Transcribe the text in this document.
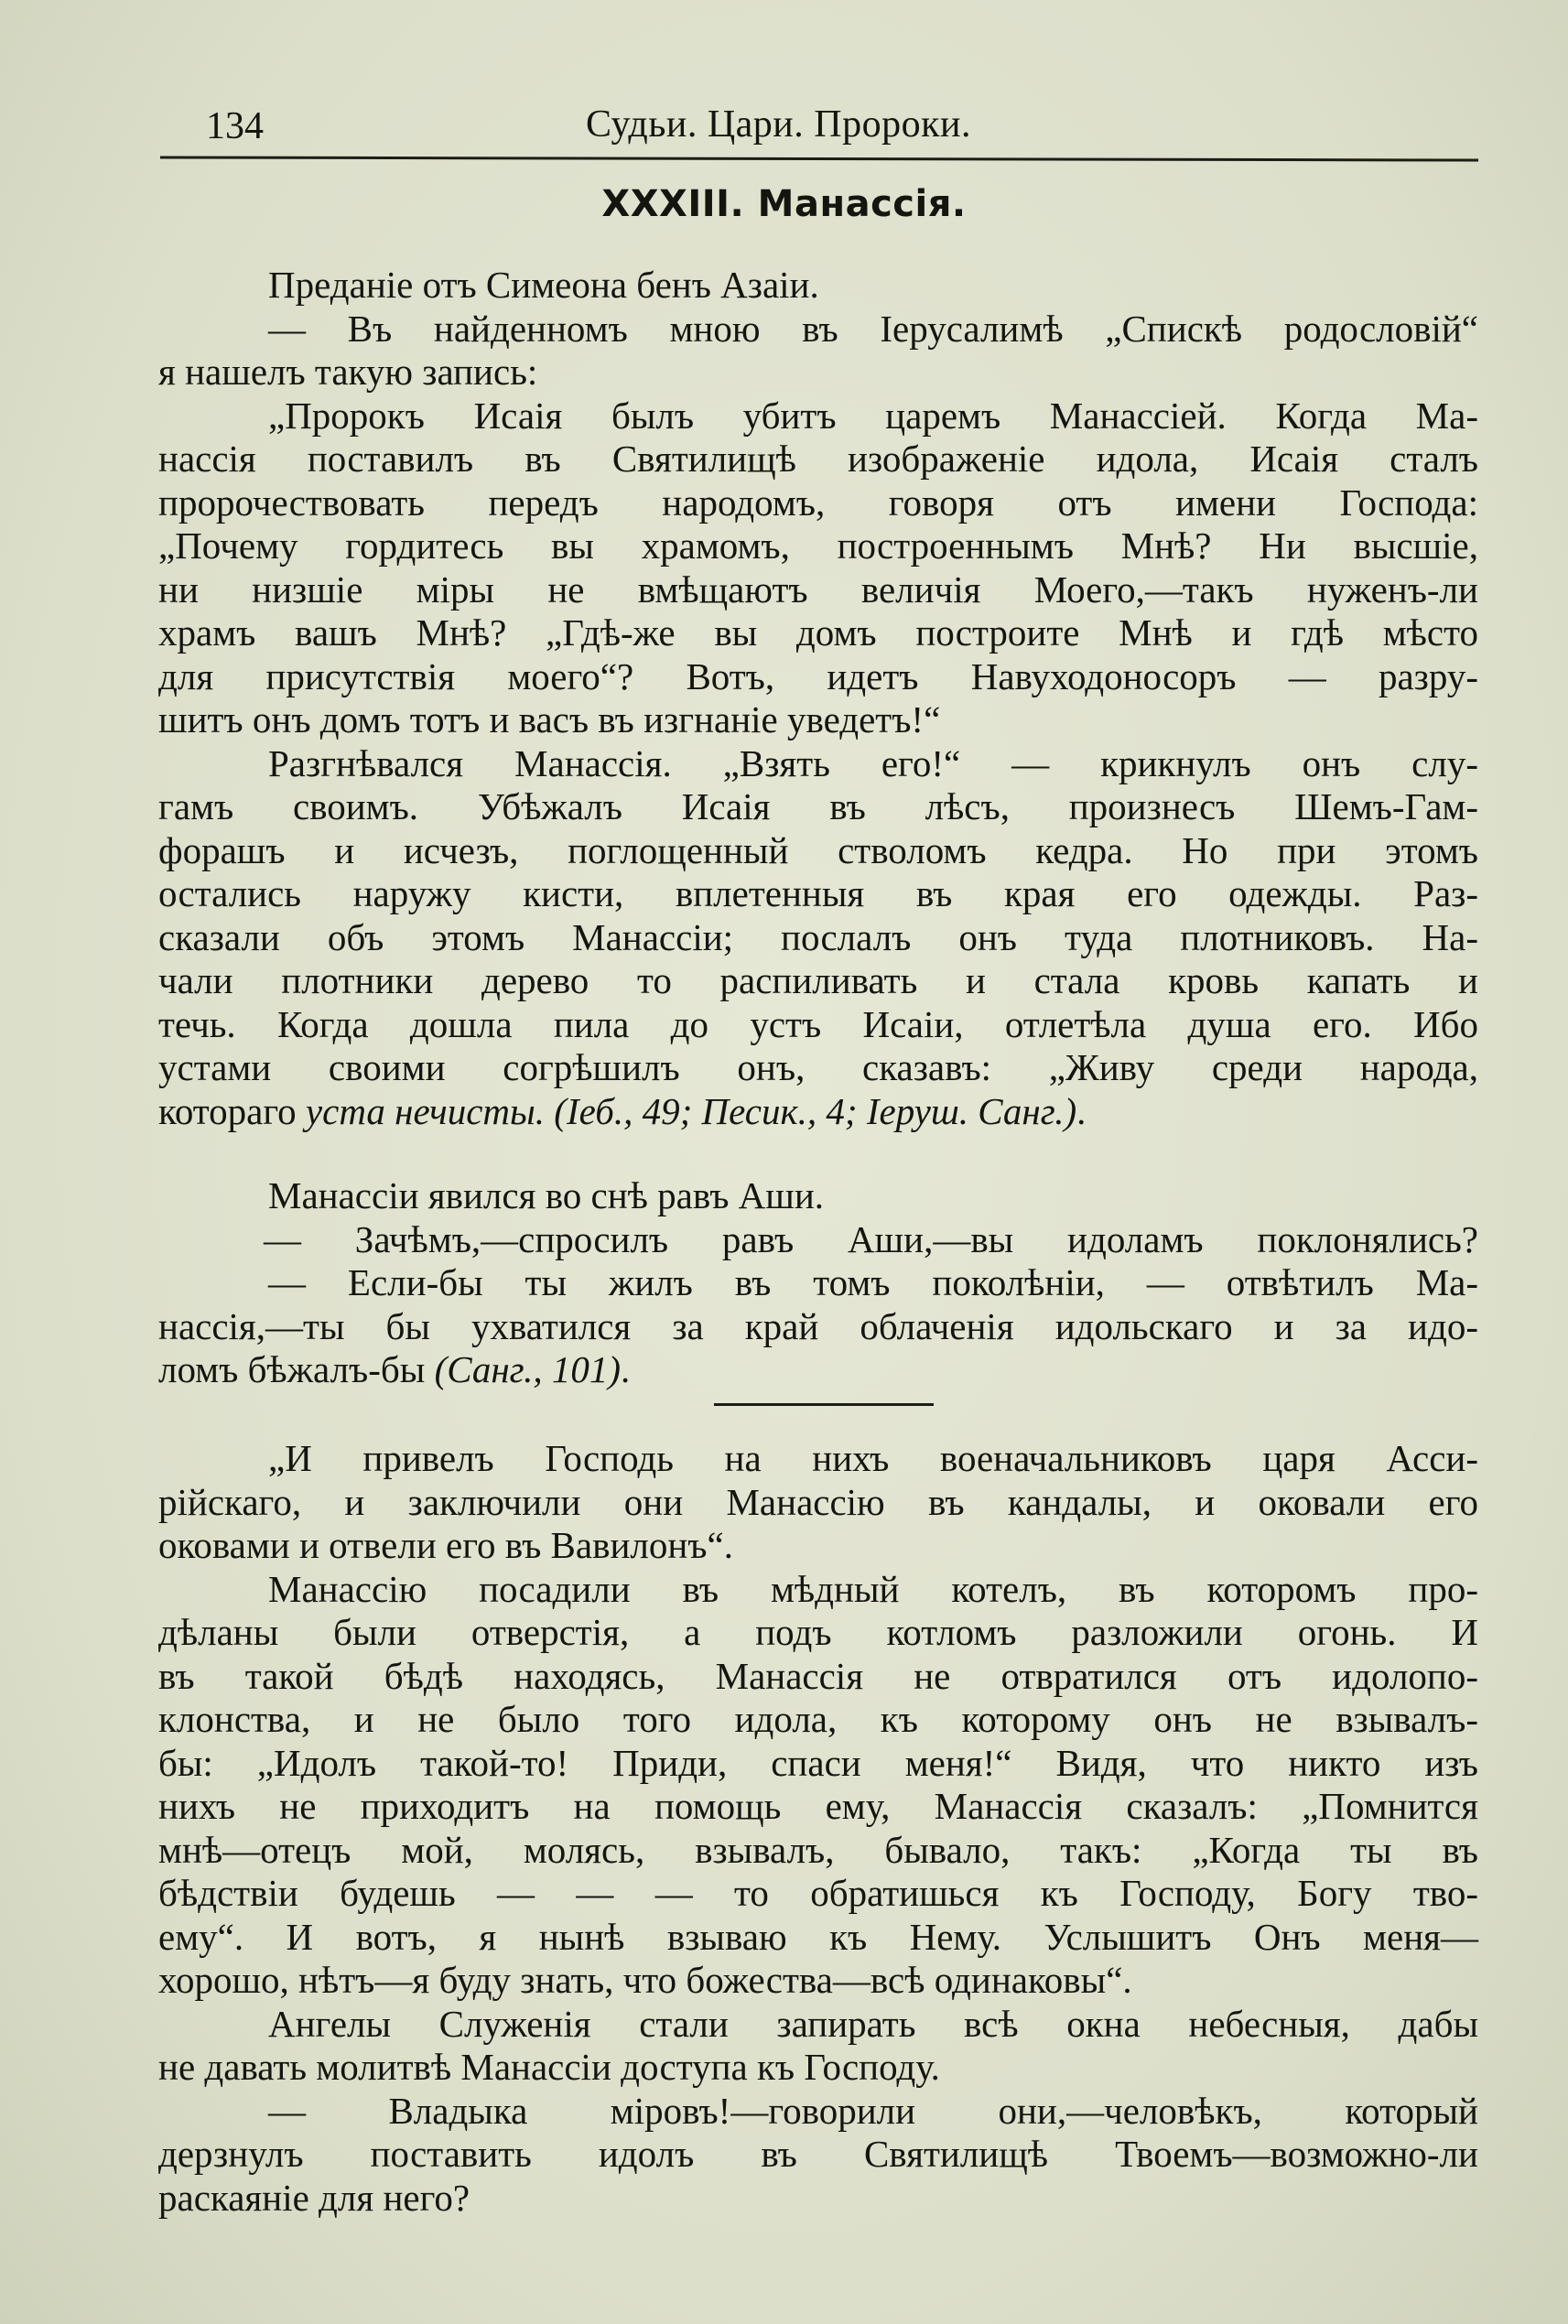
134	Судьи. Цари. Пророки.
XXXIII. Манассія.
Преданіе отъ Симеона бенъ Азаіи.
— Въ найденномъ мною въ Іерусалимѣ „Спискѣ родословій“
я нашелъ такую запись:
„Пророкъ Исаія былъ убитъ царемъ Манассіей. Когда Ма-
нассія поставилъ въ Святилищѣ изображеніе идола, Исаія сталъ
пророчествовать передъ народомъ, говоря отъ имени Господа:
„Почему гордитесь вы храмомъ, построеннымъ Мнѣ? Ни высшіе,
ни низшіе міры не вмѣщаютъ величія Моего,—такъ нуженъ-ли
храмъ вашъ Мнѣ? „Гдѣ-же вы домъ построите Мнѣ и гдѣ мѣсто
для присутствія моего“? Вотъ, идетъ Навуходоносоръ — разру-
шитъ онъ домъ тотъ и васъ въ изгнаніе уведетъ!“
Разгнѣвался Манассія. „Взять его!“ — крикнулъ онъ слу-
гамъ своимъ. Убѣжалъ Исаія въ лѣсъ, произнесъ Шемъ-Гам-
форашъ и исчезъ, поглощенный стволомъ кедра. Но при этомъ
остались наружу кисти, вплетенныя въ края его одежды. Раз-
сказали объ этомъ Манассіи; послалъ онъ туда плотниковъ. На-
чали плотники дерево то распиливать и стала кровь капать и
течь. Когда дошла пила до устъ Исаіи, отлетѣла душа его. Ибо
устами своими согрѣшилъ онъ, сказавъ: „Живу среди народа,
котораго уста нечисты. (Іеб., 49; Песик., 4; Іеруш. Санг.).
Манассіи явился во снѣ равъ Аши.
— Зачѣмъ,—спросилъ равъ Аши,—вы идоламъ поклонялись?
— Если-бы ты жилъ въ томъ поколѣніи, — отвѣтилъ Ма-
нассія,—ты бы ухватился за край облаченія идольскаго и за идо-
ломъ бѣжалъ-бы (Санг., 101).
„И привелъ Господь на нихъ военачальниковъ царя Асси-
рійскаго, и заключили они Манассію въ кандалы, и оковали его
оковами и отвели его въ Вавилонъ“.
Манассію посадили въ мѣдный котелъ, въ которомъ про-
дѣланы были отверстія, а подъ котломъ разложили огонь. И
въ такой бѣдѣ находясь, Манассія не отвратился отъ идолопо-
клонства, и не было того идола, къ которому онъ не взывалъ-
бы: „Идолъ такой-то! Приди, спаси меня!“ Видя, что никто изъ
нихъ не приходитъ на помощь ему, Манассія сказалъ: „Помнится
мнѣ—отецъ мой, молясь, взывалъ, бывало, такъ: „Когда ты въ
бѣдствіи будешь — — — то обратишься къ Господу, Богу тво-
ему“. И вотъ, я нынѣ взываю къ Нему. Услышитъ Онъ меня—
хорошо, нѣтъ—я буду знать, что божества—всѣ одинаковы“.
Ангелы Служенія стали запирать всѣ окна небесныя, дабы
не давать молитвѣ Манассіи доступа къ Господу.
— Владыка міровъ!—говорили они,—человѣкъ, который
дерзнулъ поставить идолъ въ Святилищѣ Твоемъ—возможно-ли
раскаяніе для него?
